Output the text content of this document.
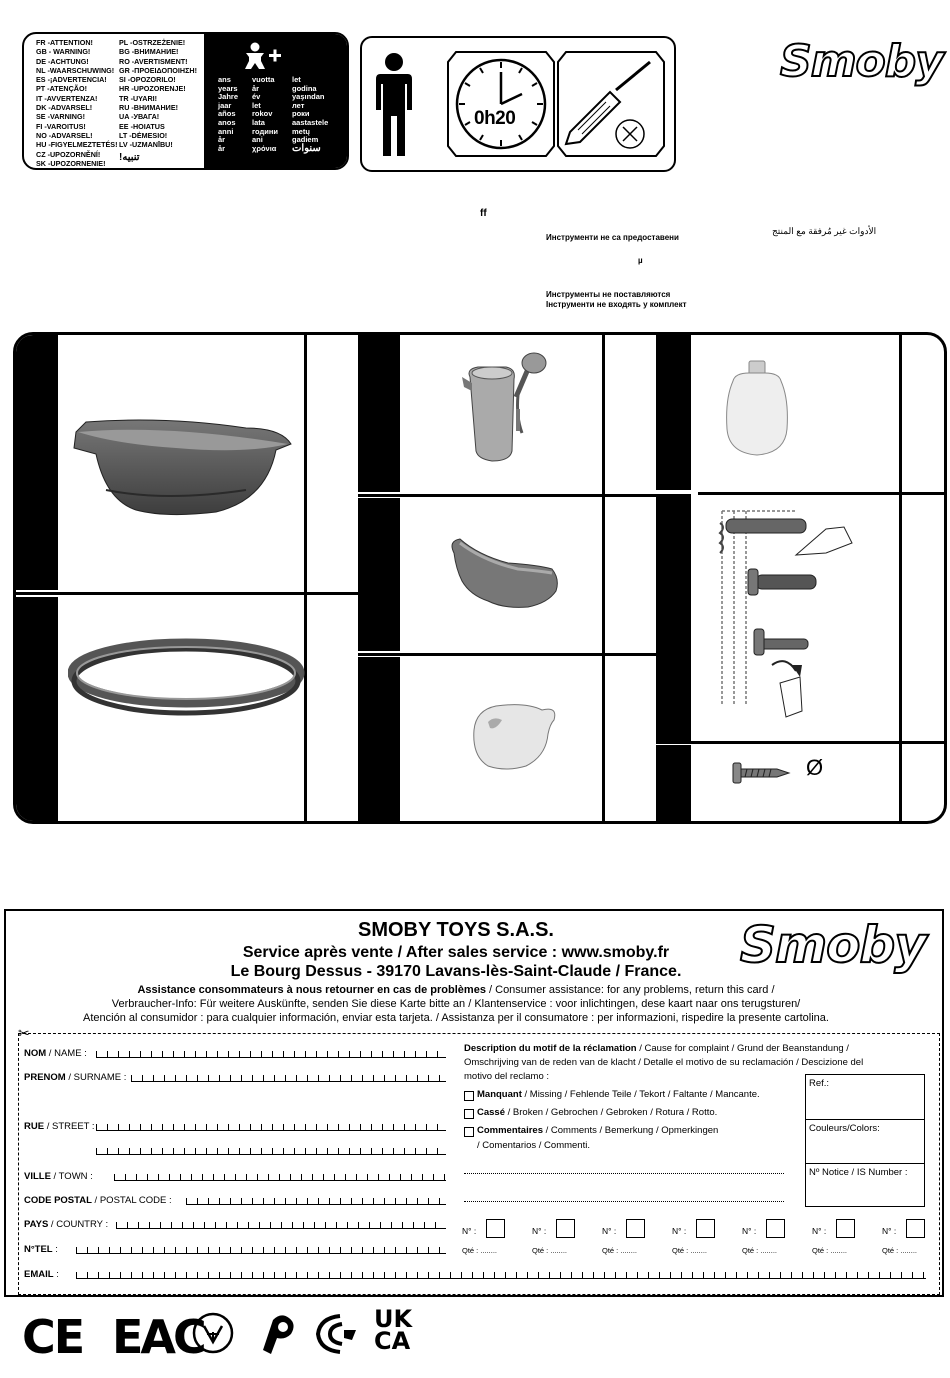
FR -ATTENTION!
GB - WARNING!
DE -ACHTUNG!
NL -WAARSCHUWING!
ES -¡ADVERTENCIA!
PT -ATENÇÃO!
IT -AVVERTENZA!
DK -ADVARSEL!
SE -VARNING!
FI -VAROITUS!
NO -ADVARSEL!
HU -FIGYELMEZTETÉS!
CZ -UPOZORNĚNÍ!
SK -UPOZORNENIE!
PL -OSTRZEŻENIE!
BG -ВНИМАНИЕ!
RO -AVERTISMENT!
GR -ΠΡΟΕΙΔΟΠΟΙΗΣΗ!
SI -OPOZORILO!
HR -UPOZORENJE!
TR -UYARI!
RU -ВНИМАНИЕ!
UA -УВАГА!
EE -HOIATUS
LT -DĖMESIO!
LV -UZMANĪBU!
!تنبيه
ans
years
Jahre
jaar
años
anos
anni
år
år
vuotta
år
év
let
rokov
lata
години
ani
χρόνια
let
godina
yaşından
лет
роки
aastastele
metų
gadiem
سنوات
0h20
Smoby
ff
Инструменти не са предоставени
الأدوات غير مُرفقة مع المنتج
µ
Инструменты не поставляются
Інструменти не входять у комплект
Ø
SMOBY TOYS S.A.S.
Service après vente / After sales service : www.smoby.fr
Le Bourg Dessus - 39170 Lavans-lès-Saint-Claude / France.
Assistance consommateurs à nous retourner en cas de problèmes / Consumer assistance: for any problems, return this card /
Verbraucher-Info: Für weitere Auskünfte, senden Sie diese Karte bitte an / Klantenservice : voor inlichtingen, dese kaart naar ons terugsturen/
Atención al consumidor : para cualquier información, enviar esta tarjeta. / Assistanza per il consumatore : per informazioni, rispedire la presente cartolina.
Smoby
✂
NOM / NAME :
PRENOM / SURNAME :
RUE / STREET :
VILLE / TOWN :
CODE POSTAL / POSTAL CODE :
PAYS / COUNTRY :
N°TEL :
EMAIL :
Description du motif de la réclamation / Cause for complaint / Grund der Beanstandung /
Omschrijving van de reden van de klacht / Detalle el motivo de su reclamación / Descizione del
motivo del reclamo :
Manquant / Missing / Fehlende Teile / Tekort / Faltante / Mancante.
Cassé / Broken / Gebrochen / Gebroken / Rotura / Rotto.
Commentaires / Comments / Bemerkung / Opmerkingen
/ Comentarios / Commenti.
Ref.:
Couleurs/Colors:
Nº Notice / IS Number :
N° :
Qté : ........
N° :
Qté : ........
N° :
Qté : ........
N° :
Qté : ........
N° :
Qté : ........
N° :
Qté : ........
N° :
Qté : ........
CE EAC	UK
CA
